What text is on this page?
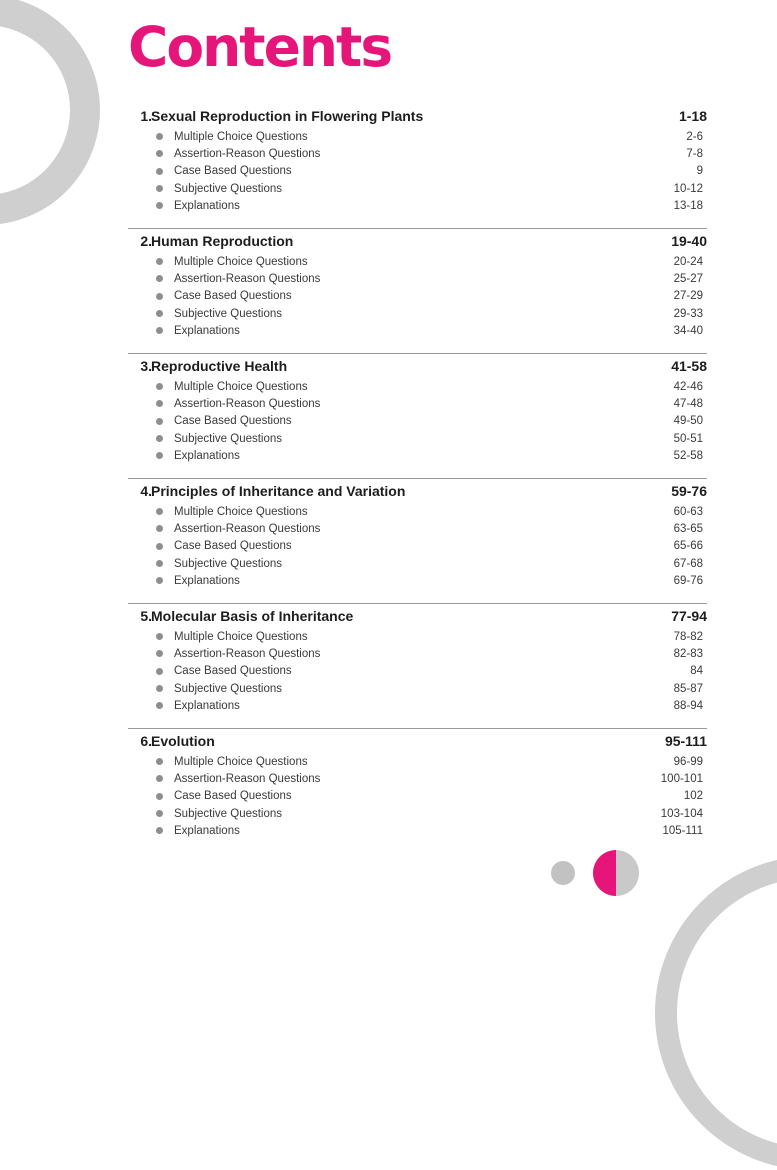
Contents
1. Sexual Reproduction in Flowering Plants	1-18
Multiple Choice Questions	2-6
Assertion-Reason Questions	7-8
Case Based Questions	9
Subjective Questions	10-12
Explanations	13-18
2. Human Reproduction	19-40
Multiple Choice Questions	20-24
Assertion-Reason Questions	25-27
Case Based Questions	27-29
Subjective Questions	29-33
Explanations	34-40
3. Reproductive Health	41-58
Multiple Choice Questions	42-46
Assertion-Reason Questions	47-48
Case Based Questions	49-50
Subjective Questions	50-51
Explanations	52-58
4. Principles of Inheritance and Variation	59-76
Multiple Choice Questions	60-63
Assertion-Reason Questions	63-65
Case Based Questions	65-66
Subjective Questions	67-68
Explanations	69-76
5. Molecular Basis of Inheritance	77-94
Multiple Choice Questions	78-82
Assertion-Reason Questions	82-83
Case Based Questions	84
Subjective Questions	85-87
Explanations	88-94
6. Evolution	95-111
Multiple Choice Questions	96-99
Assertion-Reason Questions	100-101
Case Based Questions	102
Subjective Questions	103-104
Explanations	105-111
